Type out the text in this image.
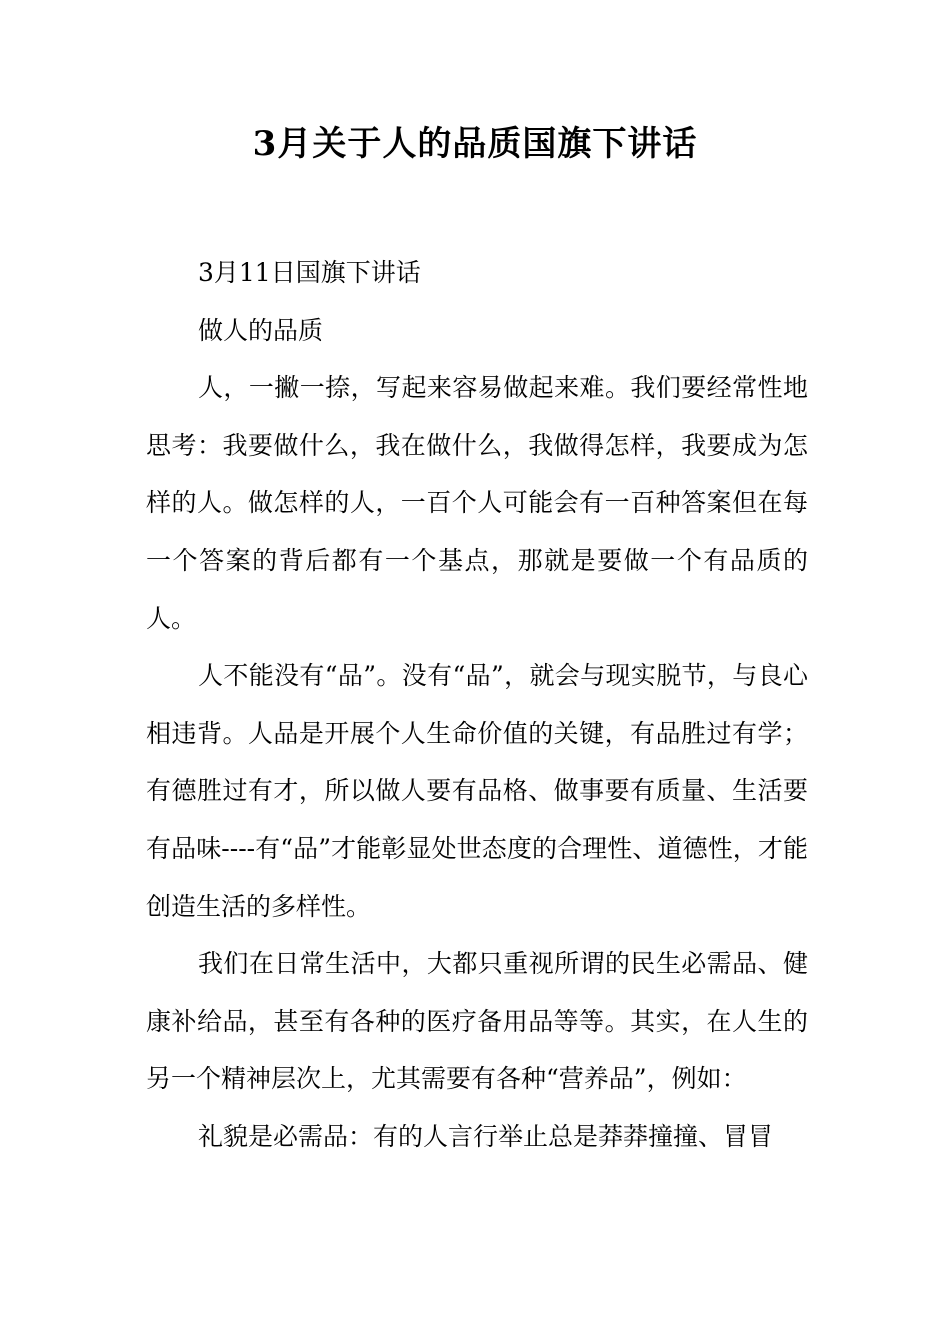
3月关于人的品质国旗下讲话

3月11日国旗下讲话

做人的品质

人，一撇一捺，写起来容易做起来难。我们要经常性地思考：我要做什么，我在做什么，我做得怎样，我要成为怎样的人。做怎样的人，一百个人可能会有一百种答案但在每一个答案的背后都有一个基点，那就是要做一个有品质的人。

人不能没有“品”。没有“品”，就会与现实脱节，与良心相违背。人品是开展个人生命价值的关键，有品胜过有学；有德胜过有才，所以做人要有品格、做事要有质量、生活要有品味----有“品”才能彰显处世态度的合理性、道德性，才能创造生活的多样性。

我们在日常生活中，大都只重视所谓的民生必需品、健康补给品，甚至有各种的医疗备用品等等。其实，在人生的另一个精神层次上，尤其需要有各种“营养品”，例如：

礼貌是必需品：有的人言行举止总是莽莽撞撞、冒冒
